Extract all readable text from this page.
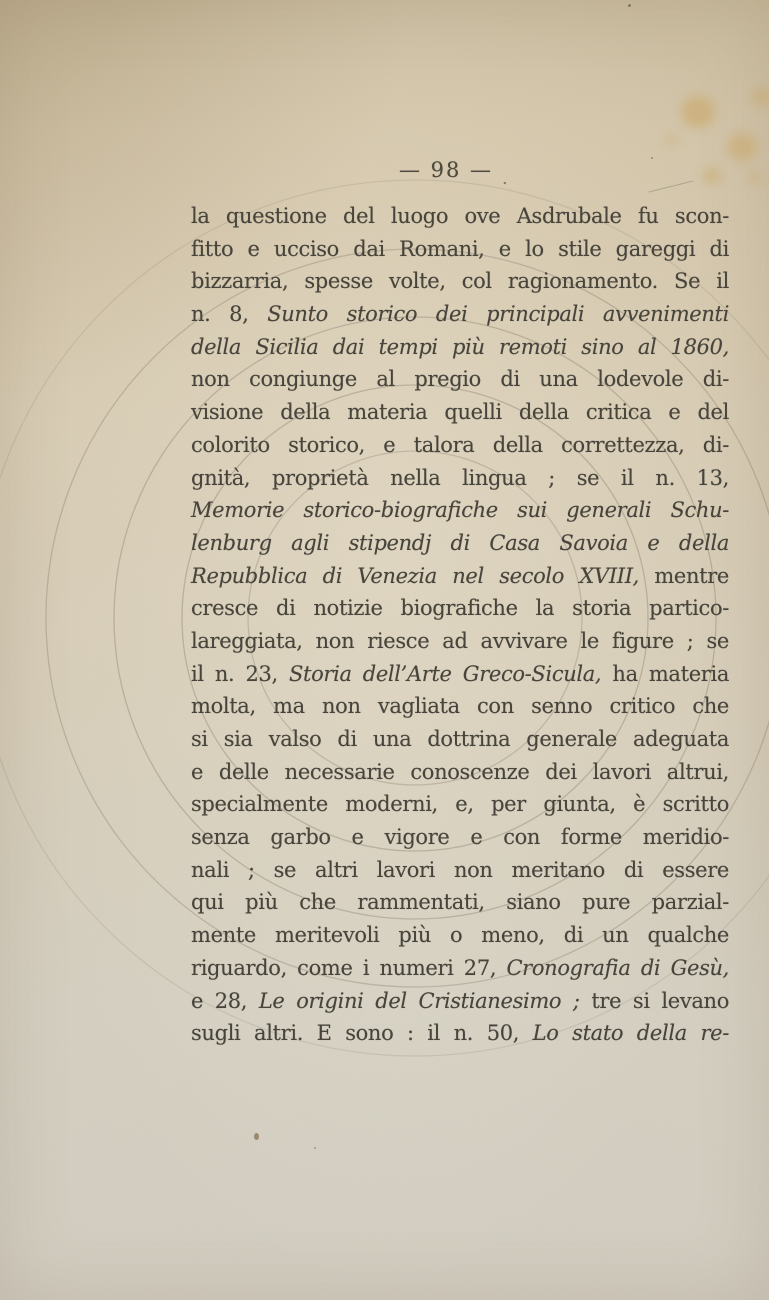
— 98 — .
la questione del luogo ove Asdrubale fu scon-
fitto e ucciso dai Romani, e lo stile gareggi di
bizzarria, spesse volte, col ragionamento. Se il
n. 8, Sunto storico dei principali avvenimenti
della Sicilia dai tempi più remoti sino al 1860,
non congiunge al pregio di una lodevole di-
visione della materia quelli della critica e del
colorito storico, e talora della correttezza, di-
gnità, proprietà nella lingua ; se il n. 13,
Memorie storico-biografiche sui generali Schu-
lenburg agli stipendj di Casa Savoia e della
Repubblica di Venezia nel secolo XVIII, mentre
cresce di notizie biografiche la storia partico-
lareggiata, non riesce ad avvivare le figure ; se
il n. 23, Storia dell’Arte Greco-Sicula, ha materia
molta, ma non vagliata con senno critico che
si sia valso di una dottrina generale adeguata
e delle necessarie conoscenze dei lavori altrui,
specialmente moderni, e, per giunta, è scritto
senza garbo e vigore e con forme meridio-
nali ; se altri lavori non meritano di essere
qui più che rammentati, siano pure parzial-
mente meritevoli più o meno, di un qualche
riguardo, come i numeri 27, Cronografia di Gesù,
e 28, Le origini del Cristianesimo ; tre si levano
sugli altri. E sono : il n. 50, Lo stato della re-
